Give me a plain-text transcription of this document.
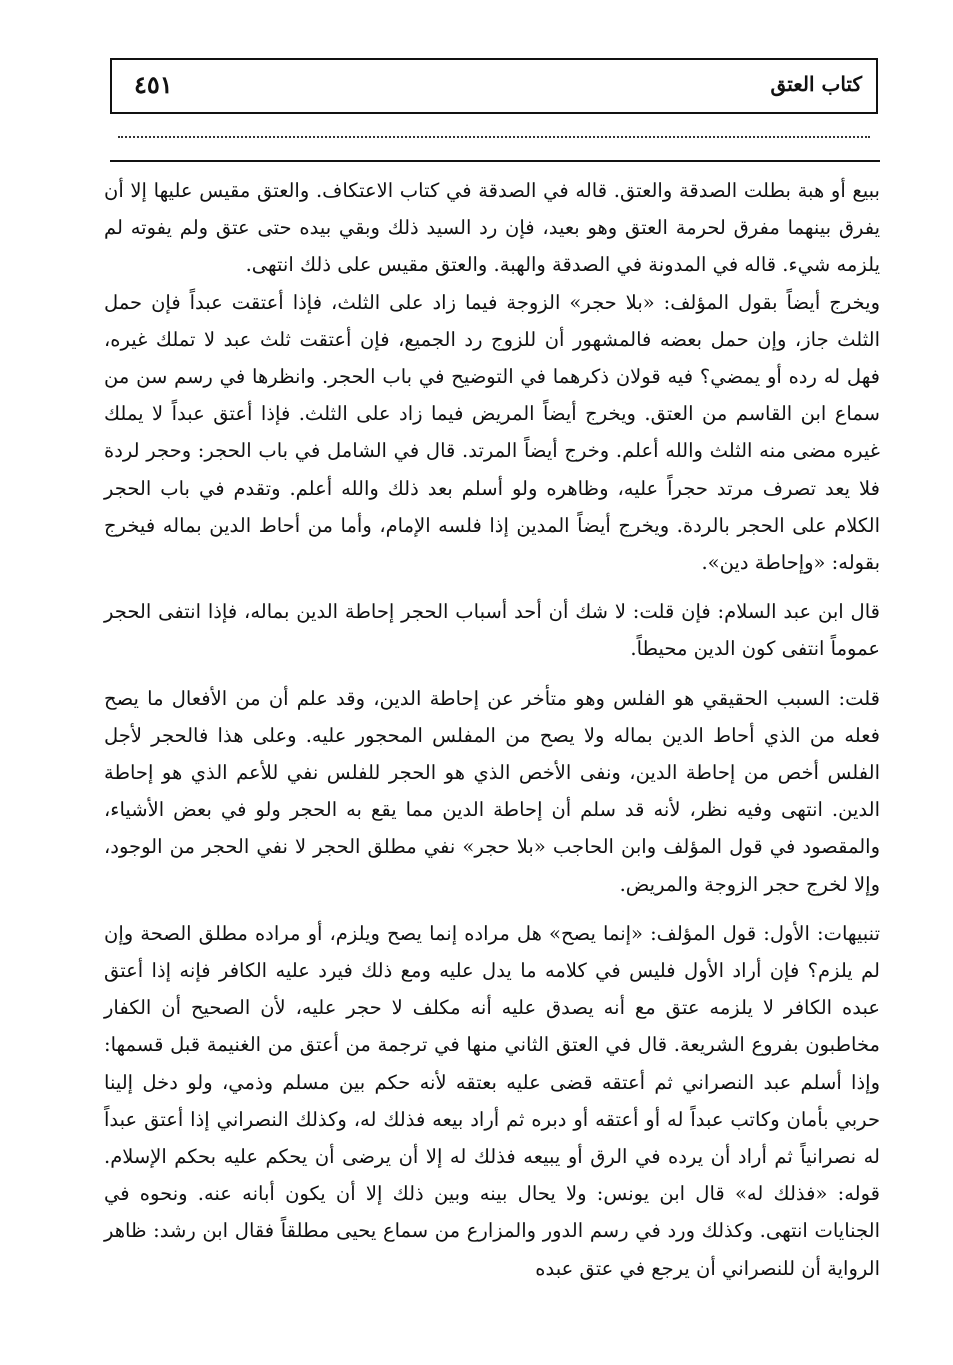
٤٥١	كتاب العتق

ببيع أو هبة بطلت الصدقة والعتق. قاله في الصدقة في كتاب الاعتكاف. والعتق مقيس عليها إلا أن يفرق بينهما مفرق لحرمة العتق وهو بعيد، فإن رد السيد ذلك وبقي بيده حتى عتق ولم يفوته لم يلزمه شيء. قاله في المدونة في الصدقة والهبة. والعتق مقيس على ذلك انتهى.

ويخرج أيضاً بقول المؤلف: «بلا حجر» الزوجة فيما زاد على الثلث، فإذا أعتقت عبداً فإن حمل الثلث جاز، وإن حمل بعضه فالمشهور أن للزوج رد الجميع، فإن أعتقت ثلث عبد لا تملك غيره، فهل له رده أو يمضي؟ فيه قولان ذكرهما في التوضيح في باب الحجر. وانظرها في رسم سن من سماع ابن القاسم من العتق. ويخرج أيضاً المريض فيما زاد على الثلث. فإذا أعتق عبداً لا يملك غيره مضى منه الثلث والله أعلم. وخرج أيضاً المرتد. قال في الشامل في باب الحجر: وحجر لردة فلا يعد تصرف مرتد حجراً عليه، وظاهره ولو أسلم بعد ذلك والله أعلم. وتقدم في باب الحجر الكلام على الحجر بالردة. ويخرج أيضاً المدين إذا فلسه الإمام، وأما من أحاط الدين بماله فيخرج بقوله: «وإحاطة دين».

قال ابن عبد السلام: فإن قلت: لا شك أن أحد أسباب الحجر إحاطة الدين بماله، فإذا انتفى الحجر عموماً انتفى كون الدين محيطاً.

قلت: السبب الحقيقي هو الفلس وهو متأخر عن إحاطة الدين، وقد علم أن من الأفعال ما يصح فعله من الذي أحاط الدين بماله ولا يصح من المفلس المحجور عليه. وعلى هذا فالحجر لأجل الفلس أخص من إحاطة الدين، ونفى الأخص الذي هو الحجر للفلس نفي للأعم الذي هو إحاطة الدين. انتهى وفيه نظر، لأنه قد سلم أن إحاطة الدين مما يقع به الحجر ولو في بعض الأشياء، والمقصود في قول المؤلف وابن الحاجب «بلا حجر» نفي مطلق الحجر لا نفي الحجر من الوجود، وإلا لخرج حجر الزوجة والمريض.

تنبيهات: الأول: قول المؤلف: «إنما يصح» هل مراده إنما يصح ويلزم، أو مراده مطلق الصحة وإن لم يلزم؟ فإن أراد الأول فليس في كلامه ما يدل عليه ومع ذلك فيرد عليه الكافر فإنه إذا أعتق عبده الكافر لا يلزمه عتق مع أنه يصدق عليه أنه مكلف لا حجر عليه، لأن الصحيح أن الكفار مخاطبون بفروع الشريعة. قال في العتق الثاني منها في ترجمة من أعتق من الغنيمة قبل قسمها: وإذا أسلم عبد النصراني ثم أعتقه قضى عليه بعتقه لأنه حكم بين مسلم وذمي، ولو دخل إلينا حربي بأمان وكاتب عبداً له أو أعتقه أو دبره ثم أراد بيعه فذلك له، وكذلك النصراني إذا أعتق عبداً له نصرانياً ثم أراد أن يرده في الرق أو يبيعه فذلك له إلا أن يرضى أن يحكم عليه بحكم الإسلام. قوله: «فذلك له» قال ابن يونس: ولا يحال بينه وبين ذلك إلا أن يكون أبانه عنه. ونحوه في الجنايات انتهى. وكذلك ورد في رسم الدور والمزارع من سماع يحيى مطلقاً فقال ابن رشد: ظاهر الرواية أن للنصراني أن يرجع في عتق عبده
